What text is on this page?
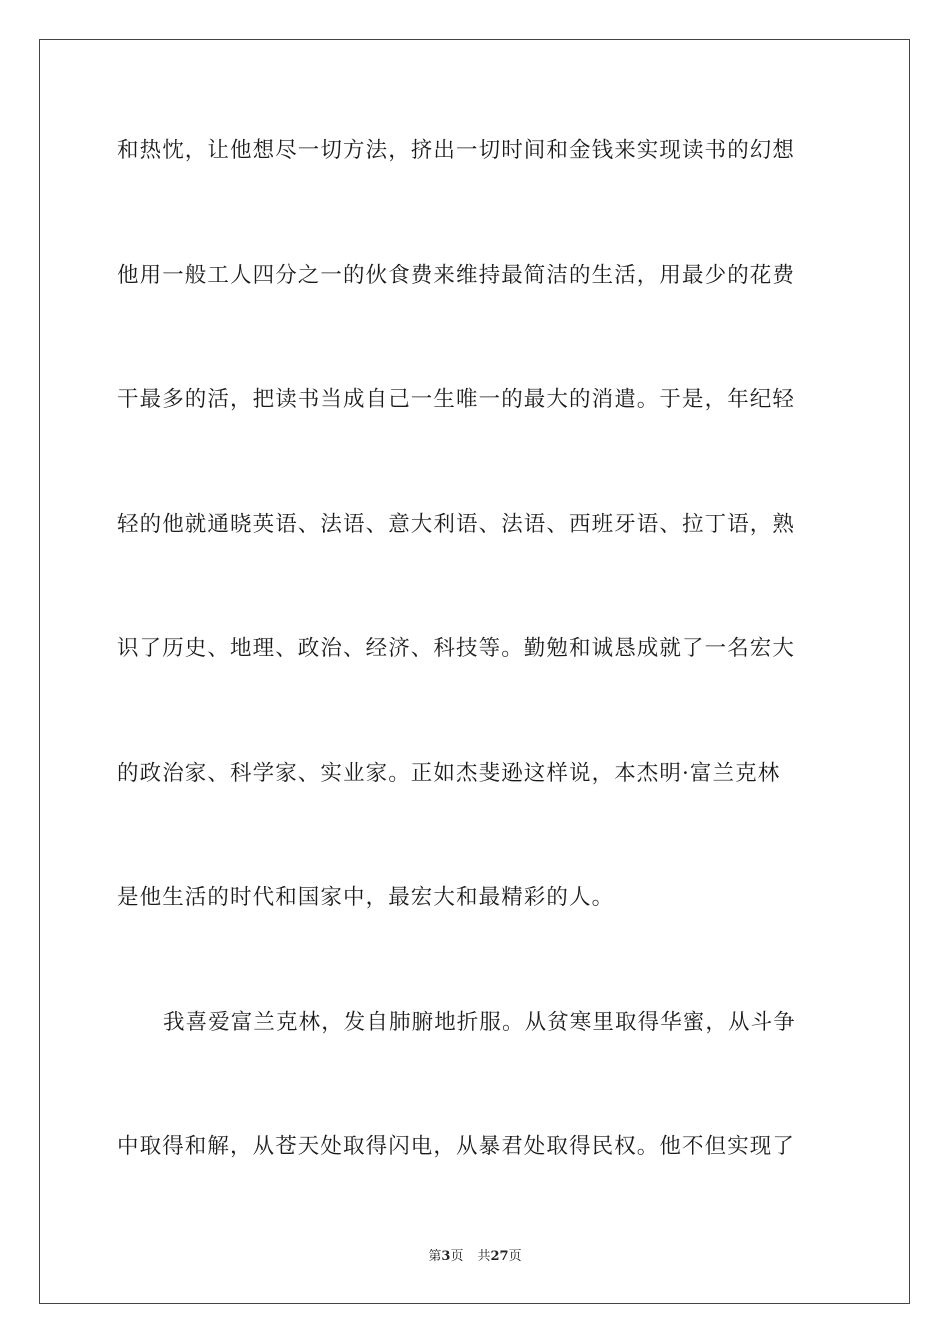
和热忱，让他想尽一切方法，挤出一切时间和金钱来实现读书的幻想
他用一般工人四分之一的伙食费来维持最简洁的生活，用最少的花费
干最多的活，把读书当成自己一生唯一的最大的消遣。于是，年纪轻
轻的他就通晓英语、法语、意大利语、法语、西班牙语、拉丁语，熟
识了历史、地理、政治、经济、科技等。勤勉和诚恳成就了一名宏大
的政治家、科学家、实业家。正如杰斐逊这样说，本杰明·富兰克林
是他生活的时代和国家中，最宏大和最精彩的人。
我喜爱富兰克林，发自肺腑地折服。从贫寒里取得华蜜，从斗争
中取得和解，从苍天处取得闪电，从暴君处取得民权。他不但实现了
第3页 共27页
